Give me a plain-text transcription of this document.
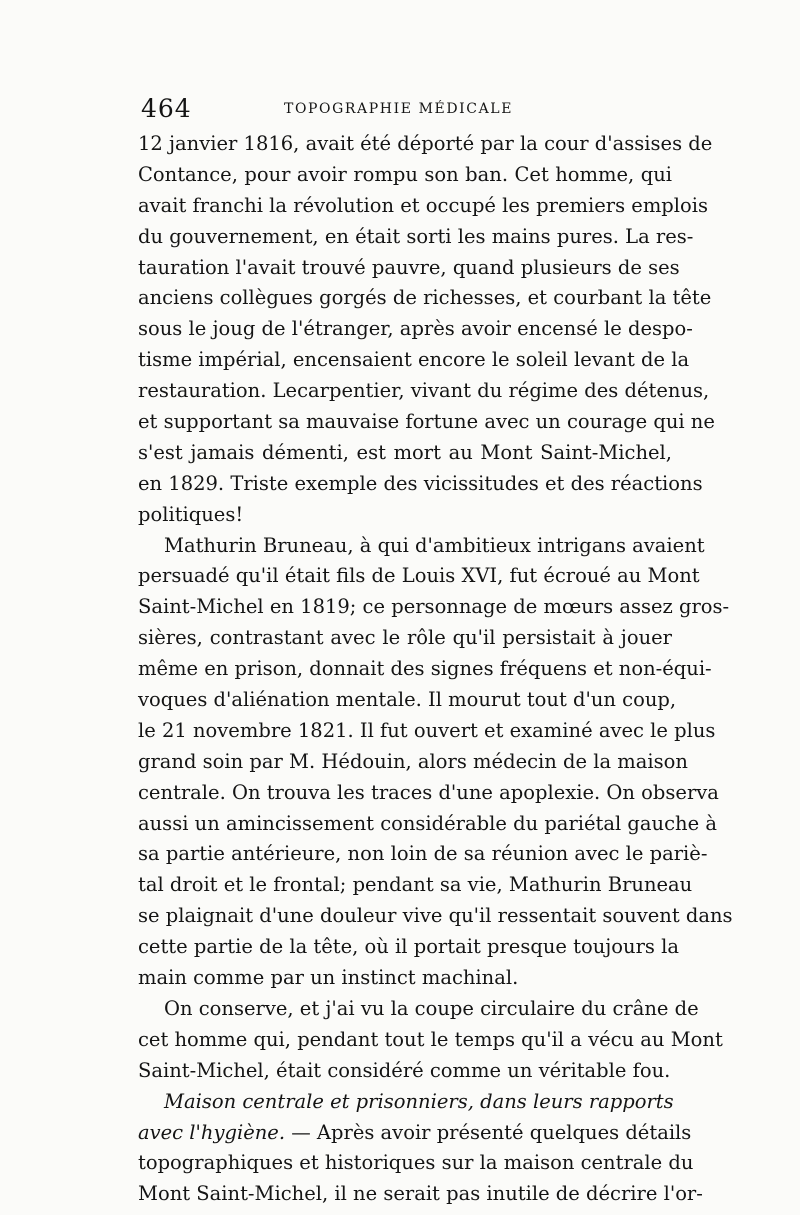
464	TOPOGRAPHIE MÉDICALE
12 janvier 1816, avait été déporté par la cour d'assises de
Contance, pour avoir rompu son ban. Cet homme, qui
avait franchi la révolution et occupé les premiers emplois
du gouvernement, en était sorti les mains pures. La res-
tauration l'avait trouvé pauvre, quand plusieurs de ses
anciens collègues gorgés de richesses, et courbant la tête
sous le joug de l'étranger, après avoir encensé le despo-
tisme impérial, encensaient encore le soleil levant de la
restauration. Lecarpentier, vivant du régime des détenus,
et supportant sa mauvaise fortune avec un courage qui ne
s'est jamais démenti, est mort au Mont Saint-Michel,
en 1829. Triste exemple des vicissitudes et des réactions
politiques!
Mathurin Bruneau, à qui d'ambitieux intrigans avaient
persuadé qu'il était fils de Louis XVI, fut écroué au Mont
Saint-Michel en 1819; ce personnage de mœurs assez gros-
sières, contrastant avec le rôle qu'il persistait à jouer
même en prison, donnait des signes fréquens et non-équi-
voques d'aliénation mentale. Il mourut tout d'un coup,
le 21 novembre 1821. Il fut ouvert et examiné avec le plus
grand soin par M. Hédouin, alors médecin de la maison
centrale. On trouva les traces d'une apoplexie. On observa
aussi un amincissement considérable du pariétal gauche à
sa partie antérieure, non loin de sa réunion avec le pariè-
tal droit et le frontal; pendant sa vie, Mathurin Bruneau
se plaignait d'une douleur vive qu'il ressentait souvent dans
cette partie de la tête, où il portait presque toujours la
main comme par un instinct machinal.
On conserve, et j'ai vu la coupe circulaire du crâne de
cet homme qui, pendant tout le temps qu'il a vécu au Mont
Saint-Michel, était considéré comme un véritable fou.
Maison centrale et prisonniers, dans leurs rapports
avec l'hygiène. — Après avoir présenté quelques détails
topographiques et historiques sur la maison centrale du
Mont Saint-Michel, il ne serait pas inutile de décrire l'or-
